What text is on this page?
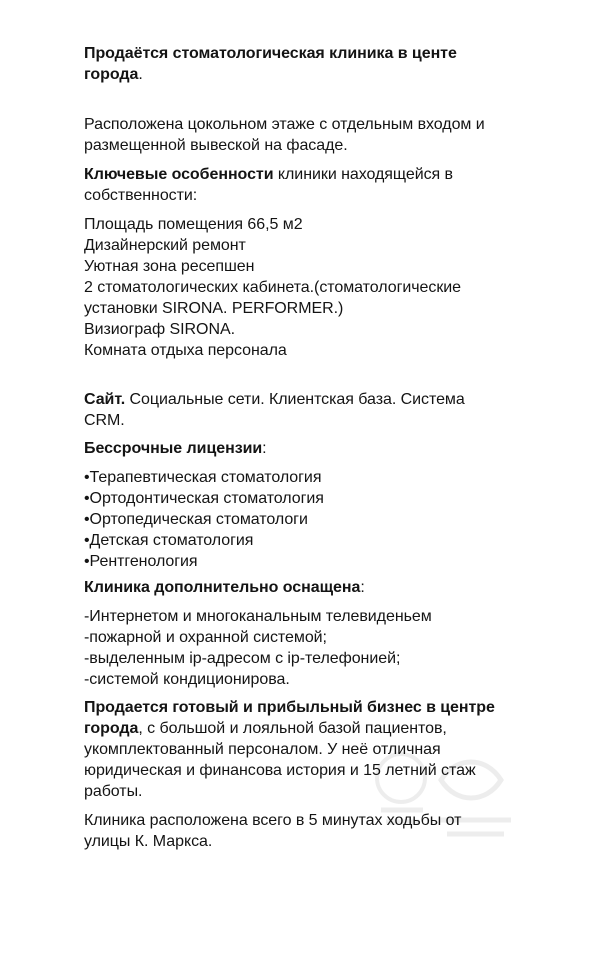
Продаётся стоматологическая клиника в центе
города.
Расположена цокольном этаже с отдельным входом и
размещенной вывеской на фасаде.
Ключевые особенности клиники находящейся в
собственности:
Площадь помещения 66,5 м2
Дизайнерский ремонт
Уютная зона ресепшен
2 стоматологических кабинета.(стоматологические
установки SIRONA. PERFORMER.)
Визиограф SIRONA.
Комната отдыха персонала
Сайт. Социальные сети. Клиентская база. Система
CRM.
Бессрочные лицензии:
•Терапевтическая стоматология
•Ортодонтическая стоматология
•Ортопедическая стоматологи
•Детская стоматология
•Рентгенология
Клиника дополнительно оснащена:
-Интернетом и многоканальным телевиденьем
-пожарной и охранной системой;
-выделенным ip-адресом с ip-телефонией;
-системой кондиционирова.
Продается готовый и прибыльный бизнес в центре
города, с большой и лояльной базой пациентов,
укомплектованный персоналом. У неё отличная
юридическая и финансова история и 15 летний стаж
работы.
Клиника расположена всего в 5 минутах ходьбы от
улицы К. Маркса.
